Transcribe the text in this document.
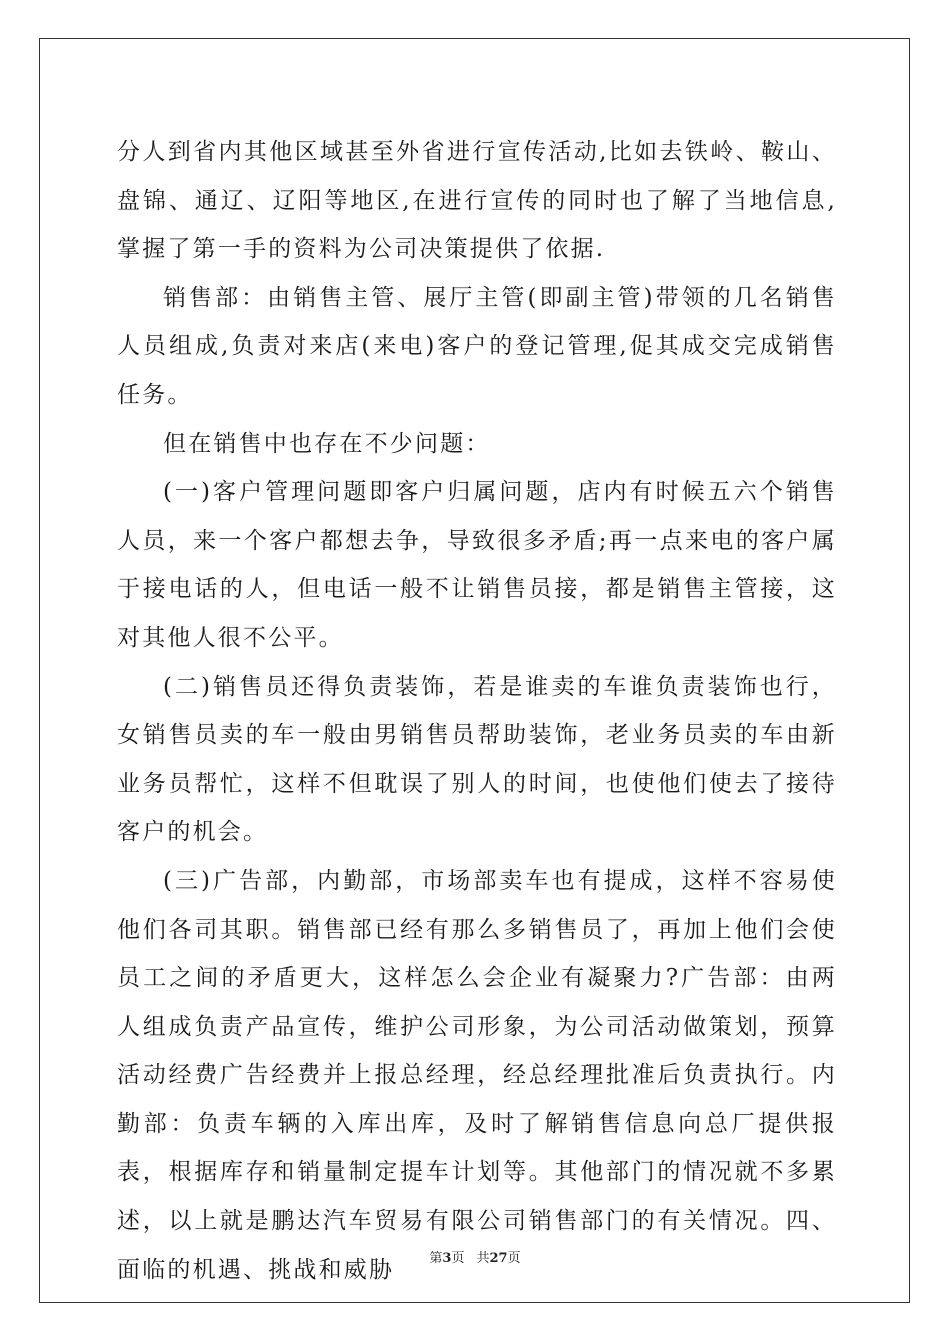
分人到省内其他区域甚至外省进行宣传活动,比如去铁岭、鞍山、盘锦、通辽、辽阳等地区,在进行宣传的同时也了解了当地信息,掌握了第一手的资料为公司决策提供了依据.

销售部：由销售主管、展厅主管(即副主管)带领的几名销售人员组成,负责对来店(来电)客户的登记管理,促其成交完成销售任务。

但在销售中也存在不少问题：

(一)客户管理问题即客户归属问题，店内有时候五六个销售人员，来一个客户都想去争，导致很多矛盾;再一点来电的客户属于接电话的人，但电话一般不让销售员接，都是销售主管接，这对其他人很不公平。

(二)销售员还得负责装饰，若是谁卖的车谁负责装饰也行，女销售员卖的车一般由男销售员帮助装饰，老业务员卖的车由新业务员帮忙，这样不但耽误了别人的时间，也使他们使去了接待客户的机会。

(三)广告部，内勤部，市场部卖车也有提成，这样不容易使他们各司其职。销售部已经有那么多销售员了，再加上他们会使员工之间的矛盾更大，这样怎么会企业有凝聚力?广告部：由两人组成负责产品宣传，维护公司形象，为公司活动做策划，预算活动经费广告经费并上报总经理，经总经理批准后负责执行。内勤部：负责车辆的入库出库，及时了解销售信息向总厂提供报表，根据库存和销量制定提车计划等。其他部门的情况就不多累述，以上就是鹏达汽车贸易有限公司销售部门的有关情况。四、面临的机遇、挑战和威胁	第3页 共27页
